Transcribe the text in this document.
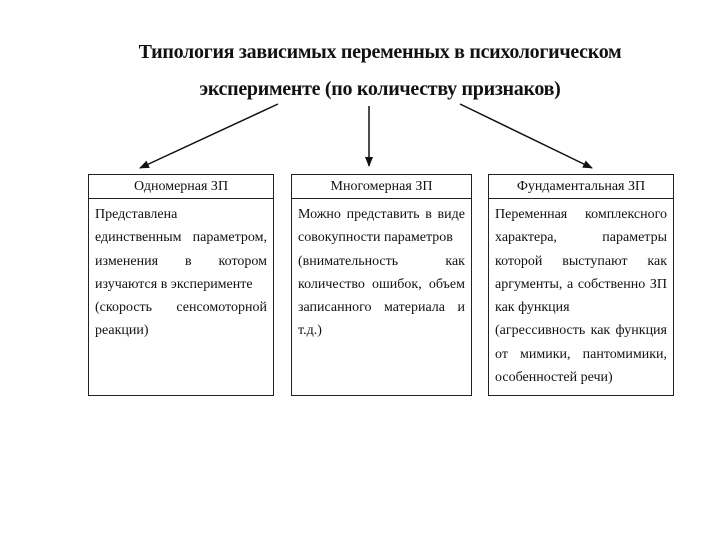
Типология зависимых переменных в психологическом эксперименте (по количеству признаков)
Одномерная ЗП

Представлена единственным параметром, изменения в котором изучаются в эксперименте

(скорость сенсомоторной реакции)

Многомерная ЗП

Можно представить в виде совокупности параметров

(внимательность как количество ошибок, объем записанного материала и т.д.)

Фундаментальная ЗП

Переменная комплексного характера, параметры которой выступают как аргументы, а собственно ЗП как функция

(агрессивность как функция от мимики, пантомимики, особенностей речи)
